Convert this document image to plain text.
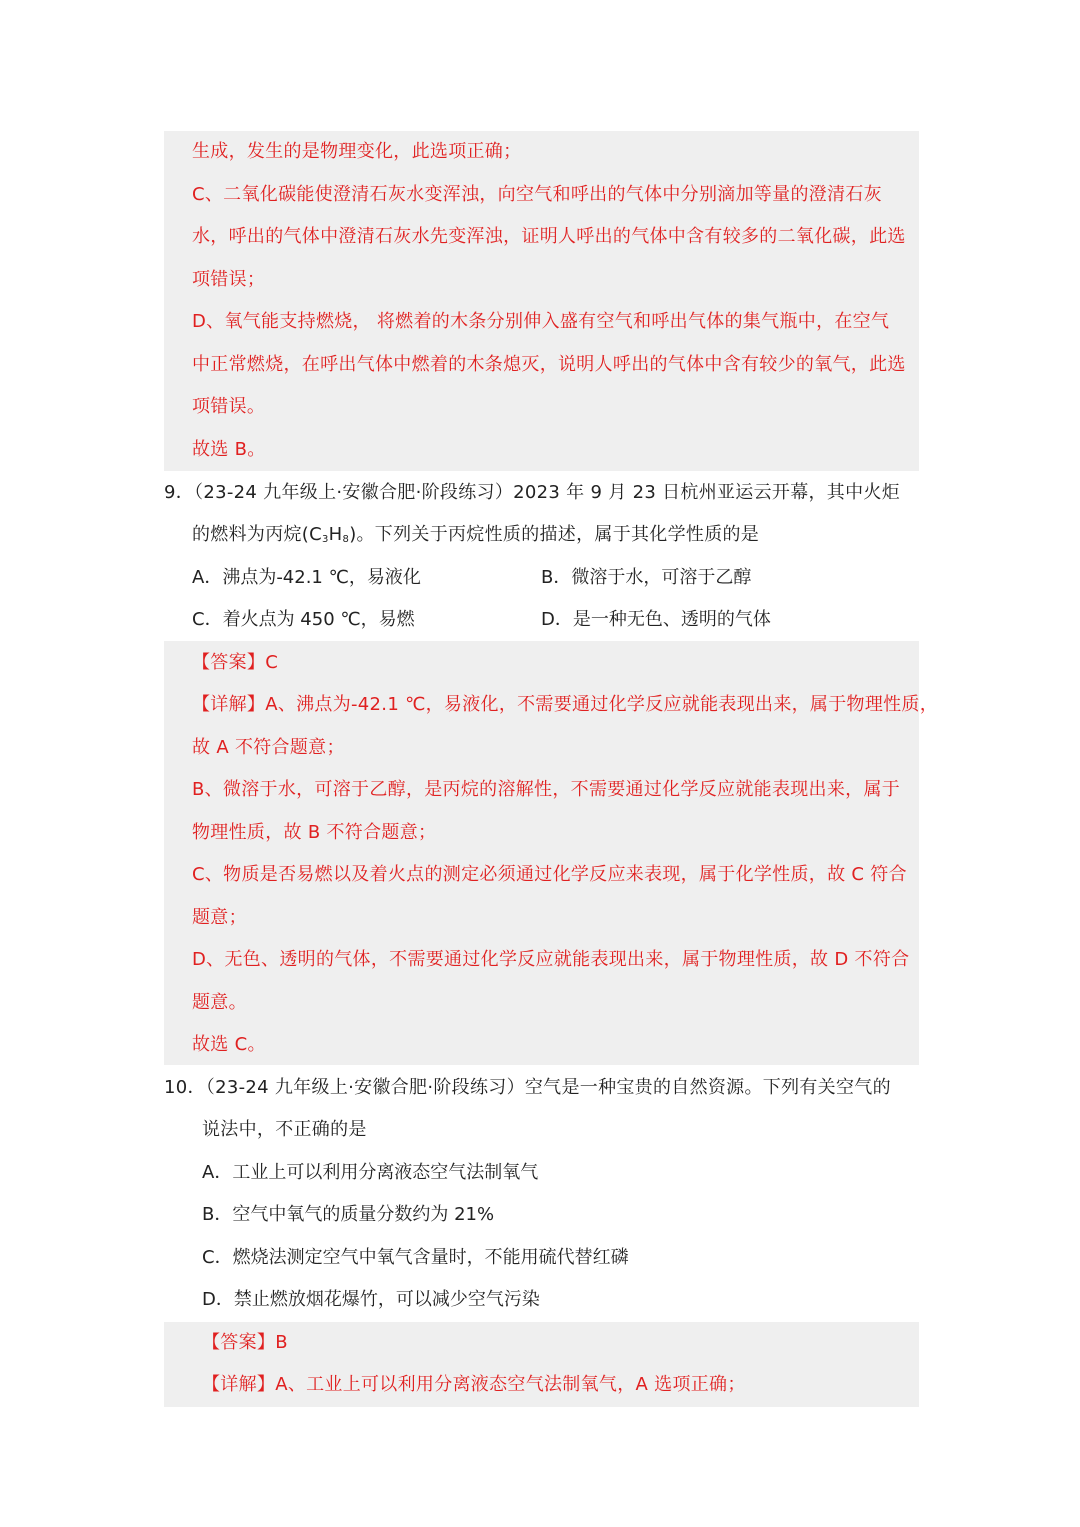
生成，发生的是物理变化，此选项正确；
C、二氧化碳能使澄清石灰水变浑浊，向空气和呼出的气体中分别滴加等量的澄清石灰
水，呼出的气体中澄清石灰水先变浑浊，证明人呼出的气体中含有较多的二氧化碳，此选
项错误；
D、氧气能支持燃烧， 将燃着的木条分别伸入盛有空气和呼出气体的集气瓶中，在空气
中正常燃烧，在呼出气体中燃着的木条熄灭，说明人呼出的气体中含有较少的氧气，此选
项错误。
故选 B。
9．（23-24 九年级上·安徽合肥·阶段练习）2023 年 9 月 23 日杭州亚运云开幕，其中火炬
的燃料为丙烷$(C_3H_8)$。下列关于丙烷性质的描述，属于其化学性质的是
A．沸点为-42.1 ℃，易液化	B．微溶于水，可溶于乙醇
C．着火点为 450 ℃，易燃	D．是一种无色、透明的气体
【答案】C
【详解】A、沸点为-42.1 ℃，易液化，不需要通过化学反应就能表现出来，属于物理性质，
故 A 不符合题意；
B、微溶于水，可溶于乙醇，是丙烷的溶解性，不需要通过化学反应就能表现出来，属于
物理性质，故 B 不符合题意；
C、物质是否易燃以及着火点的测定必须通过化学反应来表现，属于化学性质，故 C 符合
题意；
D、无色、透明的气体，不需要通过化学反应就能表现出来，属于物理性质，故 D 不符合
题意。
故选 C。
10．（23-24 九年级上·安徽合肥·阶段练习）空气是一种宝贵的自然资源。下列有关空气的
说法中，不正确的是
A．工业上可以利用分离液态空气法制氧气
B．空气中氧气的质量分数约为 21%
C．燃烧法测定空气中氧气含量时，不能用硫代替红磷
D．禁止燃放烟花爆竹，可以减少空气污染
【答案】B
【详解】A、工业上可以利用分离液态空气法制氧气，A 选项正确；
